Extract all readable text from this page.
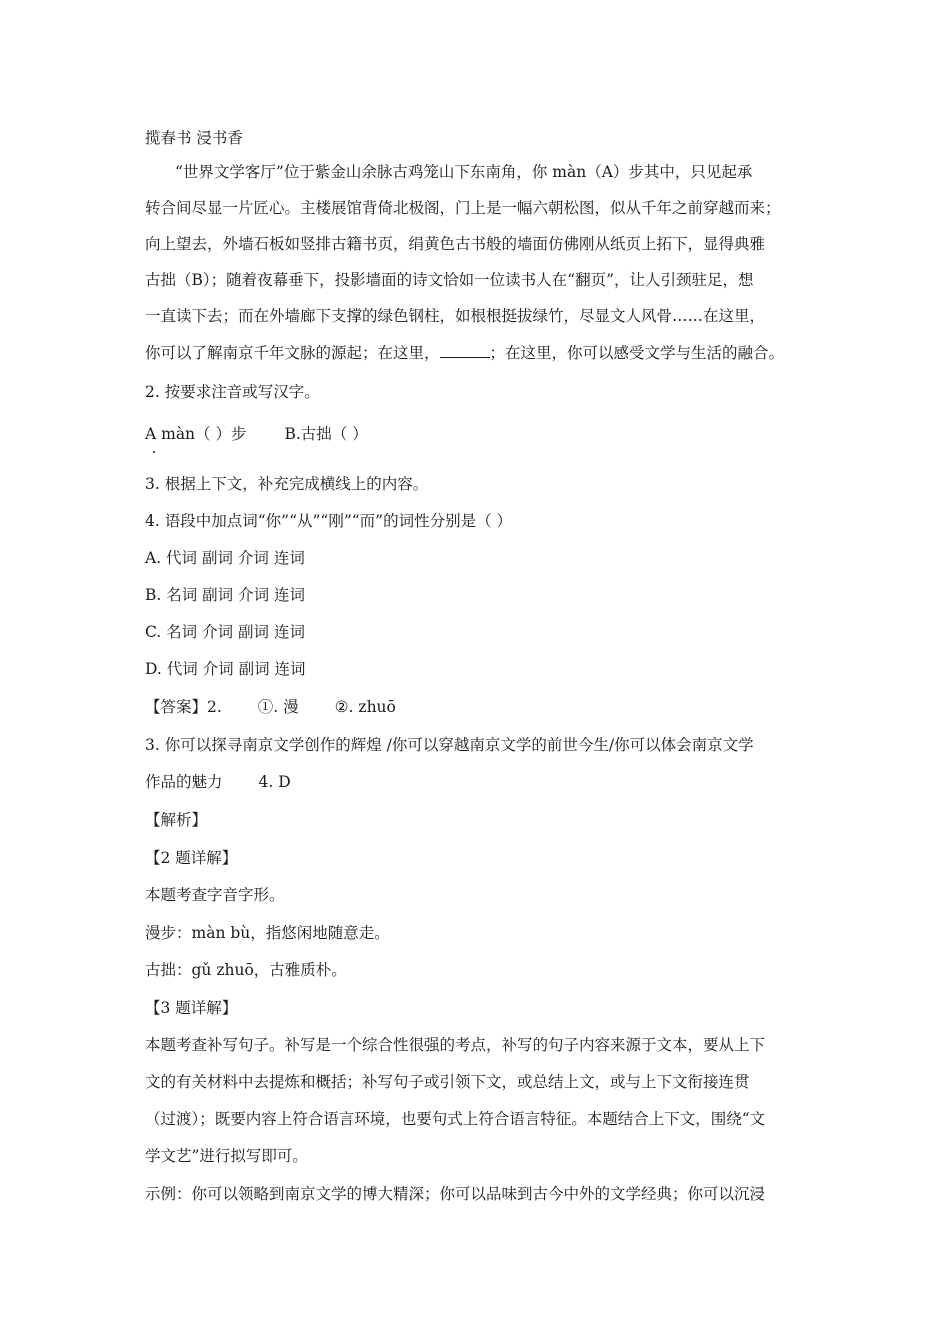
揽春书 浸书香
“世界文学客厅”位于紫金山余脉古鸡笼山下东南角，你 màn（A）步其中，只见起承
转合间尽显一片匠心。主楼展馆背倚北极阁，门上是一幅六朝松图，似从千年之前穿越而来；
向上望去，外墙石板如竖排古籍书页，绢黄色古书般的墙面仿佛刚从纸页上拓下，显得典雅
古拙（B）；随着夜幕垂下，投影墙面的诗文恰如一位读书人在“翻页”，让人引颈驻足，想
一直读下去；而在外墙廊下支撑的绿色钢柱，如根根挺拔绿竹，尽显文人风骨……在这里，
你可以了解南京千年文脉的源起；在这里，	；在这里，你可以感受文学与生活的融合。
2. 按要求注音或写汉字。
A màn（ ）步 B.古拙（ ）
3. 根据上下文，补充完成横线上的内容。
4. 语段中加点词“你”“从”“刚”“而”的词性分别是（ ）
A. 代词 副词 介词 连词
B. 名词 副词 介词 连词
C. 名词 介词 副词 连词
D. 代词 介词 副词 连词
【答案】2. ①. 漫 ②. zhuō
3. 你可以探寻南京文学创作的辉煌 /你可以穿越南京文学的前世今生/你可以体会南京文学
作品的魅力 4. D
【解析】
【2 题详解】
本题考查字音字形。
漫步：màn bù，指悠闲地随意走。
古拙：gǔ zhuō，古雅质朴。
【3 题详解】
本题考查补写句子。补写是一个综合性很强的考点，补写的句子内容来源于文本，要从上下
文的有关材料中去提炼和概括；补写句子或引领下文，或总结上文，或与上下文衔接连贯
（过渡）；既要内容上符合语言环境，也要句式上符合语言特征。本题结合上下文，围绕“文
学文艺”进行拟写即可。
示例：你可以领略到南京文学的博大精深；你可以品味到古今中外的文学经典；你可以沉浸
